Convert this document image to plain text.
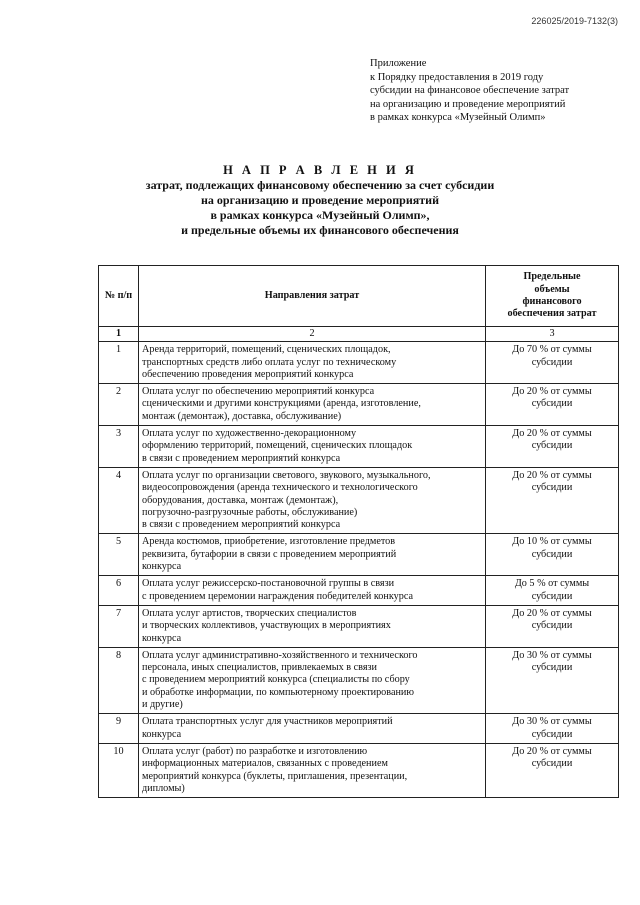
226025/2019-7132(3)
Приложение
к Порядку предоставления в 2019 году
субсидии на финансовое обеспечение затрат
на организацию и проведение мероприятий
в рамках конкурса «Музейный Олимп»
Н А П Р А В Л Е Н И Я
затрат, подлежащих финансовому обеспечению за счет субсидии
на организацию и проведение мероприятий
в рамках конкурса «Музейный Олимп»,
и предельные объемы их финансового обеспечения
№ п/п	Направления затрат	Предельные
объемы
финансового
обеспечения затрат

1	2	3
1	Аренда территорий, помещений, сценических площадок,
транспортных средств либо оплата услуг по техническому
обеспечению проведения мероприятий конкурса	До 70 % от суммы
субсидии

2	Оплата услуг по обеспечению мероприятий конкурса
сценическими и другими конструкциями (аренда, изготовление,
монтаж (демонтаж), доставка, обслуживание)	До 20 % от суммы
субсидии

3	Оплата услуг по художественно-декорационному
оформлению территорий, помещений, сценических площадок
в связи с проведением мероприятий конкурса	До 20 % от суммы
субсидии

4	Оплата услуг по организации светового, звукового, музыкального,
видеосопровождения (аренда технического и технологического
оборудования, доставка, монтаж (демонтаж),
погрузочно-разгрузочные работы, обслуживание)
в связи с проведением мероприятий конкурса	До 20 % от суммы
субсидии

5	Аренда костюмов, приобретение, изготовление предметов
реквизита, бутафории в связи с проведением мероприятий
конкурса	До 10 % от суммы
субсидии

6	Оплата услуг режиссерско-постановочной группы в связи
с проведением церемонии награждения победителей конкурса	До 5 % от суммы
субсидии

7	Оплата услуг артистов, творческих специалистов
и творческих коллективов, участвующих в мероприятиях
конкурса	До 20 % от суммы
субсидии

8	Оплата услуг административно-хозяйственного и технического
персонала, иных специалистов, привлекаемых в связи
с проведением мероприятий конкурса (специалисты по сбору
и обработке информации, по компьютерному проектированию
и другие)	До 30 % от суммы
субсидии

9	Оплата транспортных услуг для участников мероприятий
конкурса	До 30 % от суммы
субсидии

10	Оплата услуг (работ) по разработке и изготовлению
информационных материалов, связанных с проведением
мероприятий конкурса (буклеты, приглашения, презентации,
дипломы)	До 20 % от суммы
субсидии
